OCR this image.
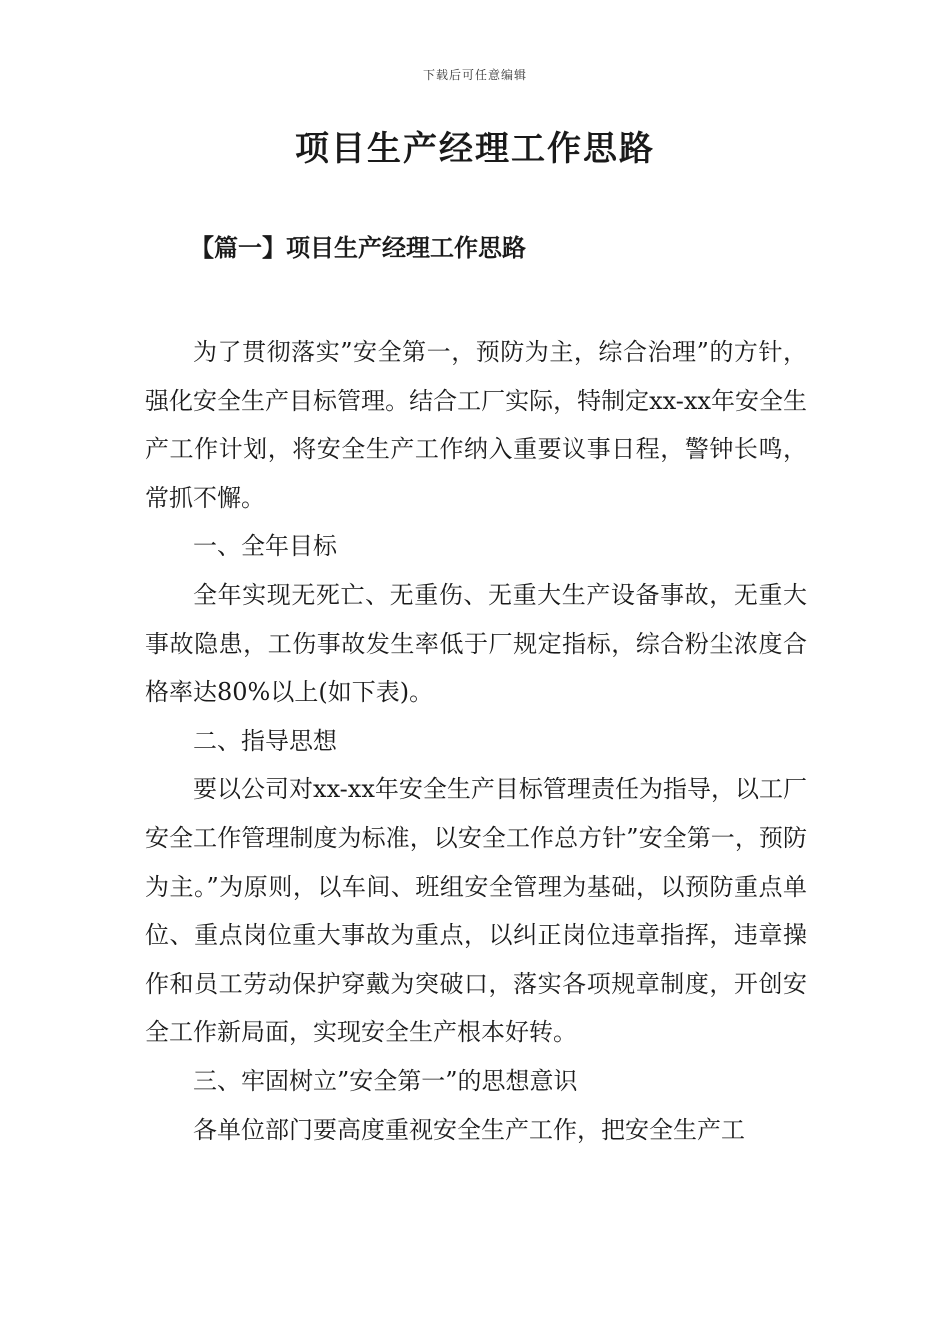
下载后可任意编辑
项目生产经理工作思路
【篇一】项目生产经理工作思路

为了贯彻落实”安全第一，预防为主，综合治理”的方针，强化安全生产目标管理。结合工厂实际，特制定xx-xx年安全生产工作计划，将安全生产工作纳入重要议事日程，警钟长鸣，常抓不懈。

一、全年目标

全年实现无死亡、无重伤、无重大生产设备事故，无重大事故隐患，工伤事故发生率低于厂规定指标，综合粉尘浓度合格率达80%以上(如下表)。

二、指导思想

要以公司对xx-xx年安全生产目标管理责任为指导，以工厂安全工作管理制度为标准，以安全工作总方针”安全第一，预防为主。”为原则，以车间、班组安全管理为基础，以预防重点单位、重点岗位重大事故为重点，以纠正岗位违章指挥，违章操作和员工劳动保护穿戴为突破口，落实各项规章制度，开创安全工作新局面，实现安全生产根本好转。

三、牢固树立”安全第一”的思想意识

各单位部门要高度重视安全生产工作，把安全生产工
